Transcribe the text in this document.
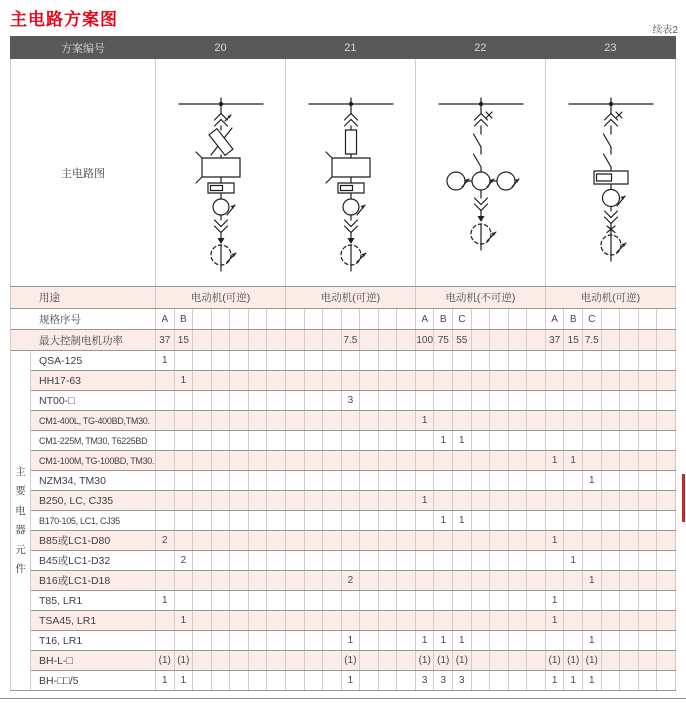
主电路方案图
续表2
方案编号		20							21							22							23						
主电路图	

用途		电动机(可逆)							电动机(可逆)							电动机(不可逆)							电动机(可逆)						
规格序号		A	B													A	B	C					A	B	C				
最大控制电机功率		37	15									7.5				100	75	55					37	15	7.5				

主
要
电
器
元
件
	QSA-125	1																											
	HH17-63		1																										
	NT00-□											3																	
	CM1-400L, TG-400BD,TM30.															1													
	CM1-225M, TM30, T6225BD																1	1											
	CM1-100M, TG-100BD, TM30.																						1	1					
	NZM34, TM30																								1				
	B250, LC, CJ35															1													
	B170-105, LC1, CJ35																1	1											
	B85或LC1-D80	2																					1						
	B45或LC1-D32		2																					1					
	B16或LC1-D18											2													1				
	T85, LR1	1																					1						
	TSA45, LR1		1																				1						
	T16, LR1											1				1	1	1							1				
	BH-L-□	(1)	(1)									(1)				(1)	(1)	(1)					(1)	(1)	(1)				
	BH-□□/5	1	1									1				3	3	3					1	1	1				
